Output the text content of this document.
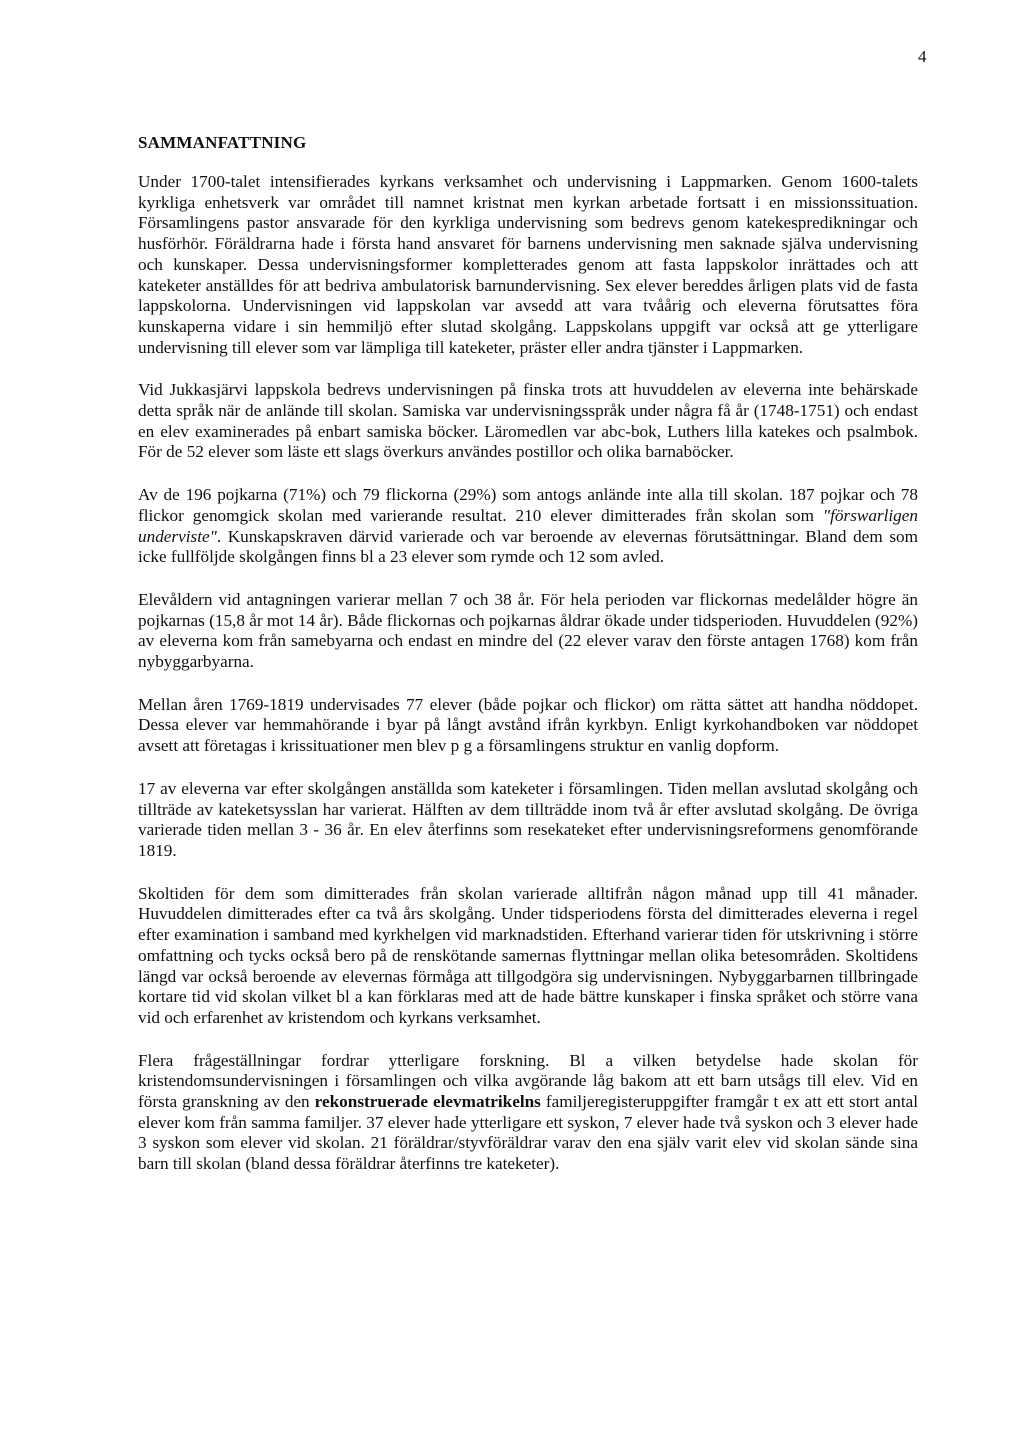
4
SAMMANFATTNING

Under 1700-talet intensifierades kyrkans verksamhet och undervisning i Lappmarken. Genom 1600-talets kyrkliga enhetsverk var området till namnet kristnat men kyrkan arbetade fortsatt i en missionssituation. Församlingens pastor ansvarade för den kyrkliga undervisning som bedrevs genom katekespredikningar och husförhör. Föräldrarna hade i första hand ansvaret för barnens undervisning men saknade själva undervisning och kunskaper. Dessa undervisningsformer kompletterades genom att fasta lappskolor inrättades och att kateketer anställdes för att bedriva ambulatorisk barnundervisning. Sex elever bereddes årligen plats vid de fasta lappskolorna. Undervisningen vid lappskolan var avsedd att vara tvåårig och eleverna förutsattes föra kunskaperna vidare i sin hemmiljö efter slutad skolgång. Lappskolans uppgift var också att ge ytterligare undervisning till elever som var lämpliga till kateketer, präster eller andra tjänster i Lappmarken.

Vid Jukkasjärvi lappskola bedrevs undervisningen på finska trots att huvuddelen av eleverna inte behärskade detta språk när de anlände till skolan. Samiska var undervisningsspråk under några få år (1748-1751) och endast en elev examinerades på enbart samiska böcker. Läromedlen var abc-bok, Luthers lilla katekes och psalmbok. För de 52 elever som läste ett slags överkurs användes postillor och olika barnaböcker.

Av de 196 pojkarna (71%) och 79 flickorna (29%) som antogs anlände inte alla till skolan. 187 pojkar och 78 flickor genomgick skolan med varierande resultat. 210 elever dimitterades från skolan som "förswarligen underviste". Kunskapskraven därvid varierade och var beroende av elevernas förutsättningar. Bland dem som icke fullföljde skolgången finns bl a 23 elever som rymde och 12 som avled.

Elevåldern vid antagningen varierar mellan 7 och 38 år. För hela perioden var flickornas medelålder högre än pojkarnas (15,8 år mot 14 år). Både flickornas och pojkarnas åldrar ökade under tidsperioden. Huvuddelen (92%) av eleverna kom från samebyarna och endast en mindre del (22 elever varav den förste antagen 1768) kom från nybyggarbyarna.

Mellan åren 1769-1819 undervisades 77 elever (både pojkar och flickor) om rätta sättet att handha nöddopet. Dessa elever var hemmahörande i byar på långt avstånd ifrån kyrkbyn. Enligt kyrkohandboken var nöddopet avsett att företagas i krissituationer men blev p g a församlingens struktur en vanlig dopform.

17 av eleverna var efter skolgången anställda som kateketer i församlingen. Tiden mellan avslutad skolgång och tillträde av kateketsysslan har varierat. Hälften av dem tillträdde inom två år efter avslutad skolgång. De övriga varierade tiden mellan 3 - 36 år. En elev återfinns som resekateket efter undervisningsreformens genomförande 1819.

Skoltiden för dem som dimitterades från skolan varierade alltifrån någon månad upp till 41 månader. Huvuddelen dimitterades efter ca två års skolgång. Under tidsperiodens första del dimitterades eleverna i regel efter examination i samband med kyrkhelgen vid marknadstiden. Efterhand varierar tiden för utskrivning i större omfattning och tycks också bero på de renskötande samernas flyttningar mellan olika betesområden. Skoltidens längd var också beroende av elevernas förmåga att tillgodgöra sig undervisningen. Nybyggarbarnen tillbringade kortare tid vid skolan vilket bl a kan förklaras med att de hade bättre kunskaper i finska språket och större vana vid och erfarenhet av kristendom och kyrkans verksamhet.

Flera frågeställningar fordrar ytterligare forskning. Bl a vilken betydelse hade skolan för kristendomsundervisningen i församlingen och vilka avgörande låg bakom att ett barn utsågs till elev. Vid en första granskning av den rekonstruerade elevmatrikelns familjeregisteruppgifter framgår t ex att ett stort antal elever kom från samma familjer. 37 elever hade ytterligare ett syskon, 7 elever hade två syskon och 3 elever hade 3 syskon som elever vid skolan. 21 föräldrar/styvföräldrar varav den ena själv varit elev vid skolan sände sina barn till skolan (bland dessa föräldrar återfinns tre kateketer).
